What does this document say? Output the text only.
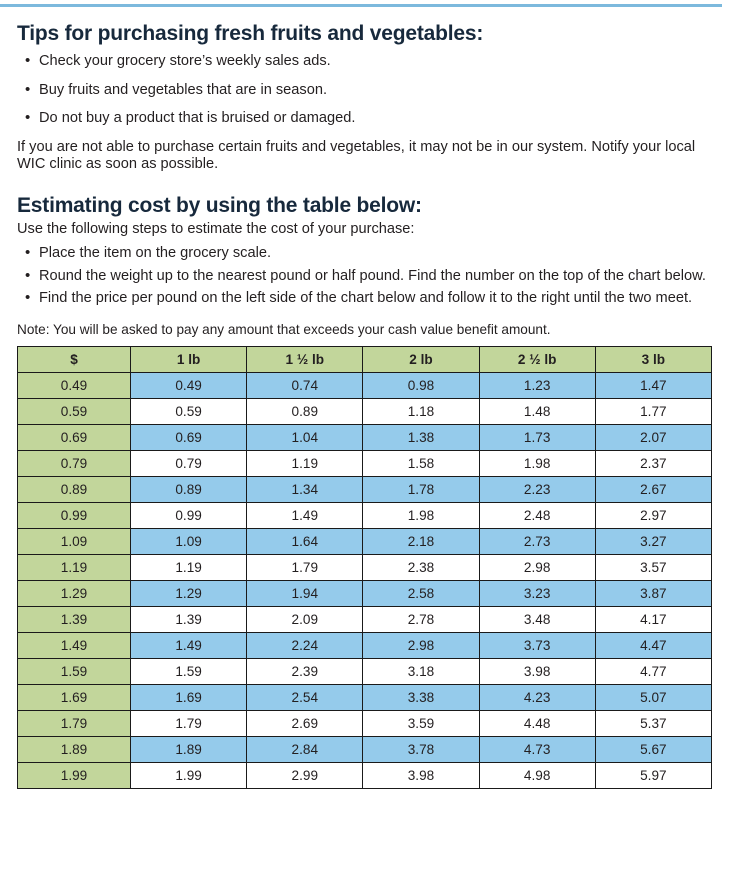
Tips for purchasing fresh fruits and vegetables:
• Check your grocery store’s weekly sales ads.
• Buy fruits and vegetables that are in season.
• Do not buy a product that is bruised or damaged.

If you are not able to purchase certain fruits and vegetables, it may not be in our system. Notify your local WIC clinic as soon as possible.

Estimating cost by using the table below:

Use the following steps to estimate the cost of your purchase:

• Place the item on the grocery scale.
• Round the weight up to the nearest pound or half pound. Find the number on the top of the chart below.
• Find the price per pound on the left side of the chart below and follow it to the right until the two meet.

Note: You will be asked to pay any amount that exceeds your cash value benefit amount.

$	1 lb	1 ½ lb	2 lb	2 ½ lb	3 lb
0.49	0.49	0.74	0.98	1.23	1.47
0.59	0.59	0.89	1.18	1.48	1.77
0.69	0.69	1.04	1.38	1.73	2.07
0.79	0.79	1.19	1.58	1.98	2.37
0.89	0.89	1.34	1.78	2.23	2.67
0.99	0.99	1.49	1.98	2.48	2.97
1.09	1.09	1.64	2.18	2.73	3.27
1.19	1.19	1.79	2.38	2.98	3.57
1.29	1.29	1.94	2.58	3.23	3.87
1.39	1.39	2.09	2.78	3.48	4.17
1.49	1.49	2.24	2.98	3.73	4.47
1.59	1.59	2.39	3.18	3.98	4.77
1.69	1.69	2.54	3.38	4.23	5.07
1.79	1.79	2.69	3.59	4.48	5.37
1.89	1.89	2.84	3.78	4.73	5.67
1.99	1.99	2.99	3.98	4.98	5.97
